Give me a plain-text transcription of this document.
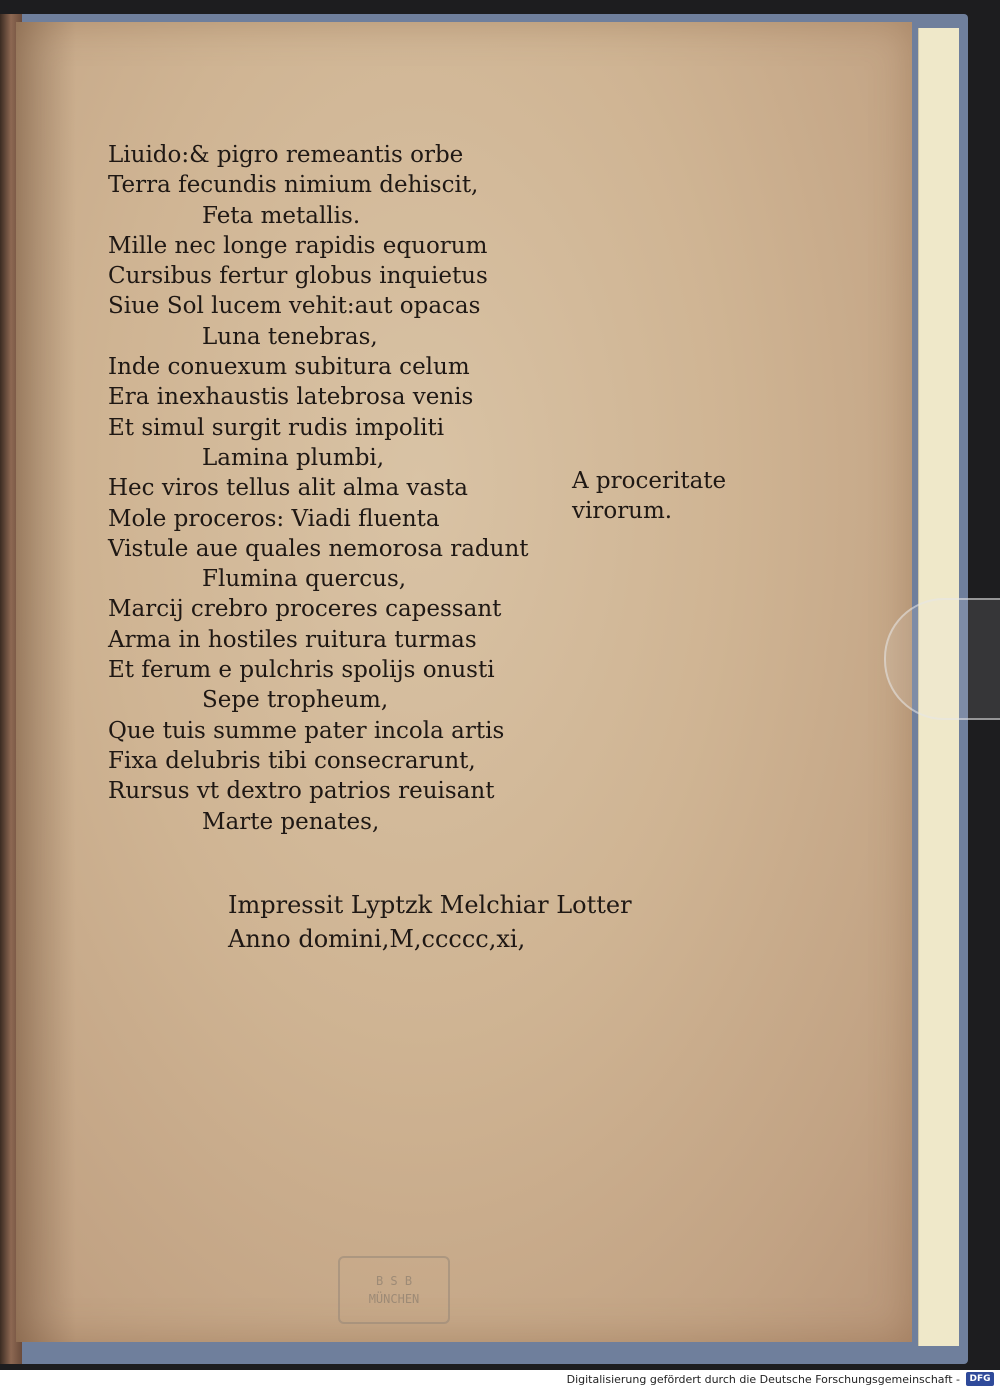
Liuido:& pigro remeantis orbe
Terra fecundis nimium dehiscit,
Feta metallis.
Mille nec longe rapidis equorum
Cursibus fertur globus inquietus
Siue Sol lucem vehit:aut opacas
Luna tenebras,
Inde conuexum subitura celum
Era inexhaustis latebrosa venis
Et simul surgit rudis impoliti
Lamina plumbi,
Hec viros tellus alit alma vasta
Mole proceros: Viadi fluenta
Vistule aue quales nemorosa radunt
Flumina quercus,
Marcij crebro proceres capessant
Arma in hostiles ruitura turmas
Et ferum e pulchris spolijs onusti
Sepe tropheum,
Que tuis summe pater incola artis
Fixa delubris tibi consecrarunt,
Rursus vt dextro patrios reuisant
Marte penates,
A proceritate
virorum.
Impressit Lyptzk Melchiar Lotter
Anno domini,M,ccccc,xi,
B S B
MÜNCHEN
Digitalisierung gefördert durch die Deutsche Forschungsgemeinschaft -	DFG
